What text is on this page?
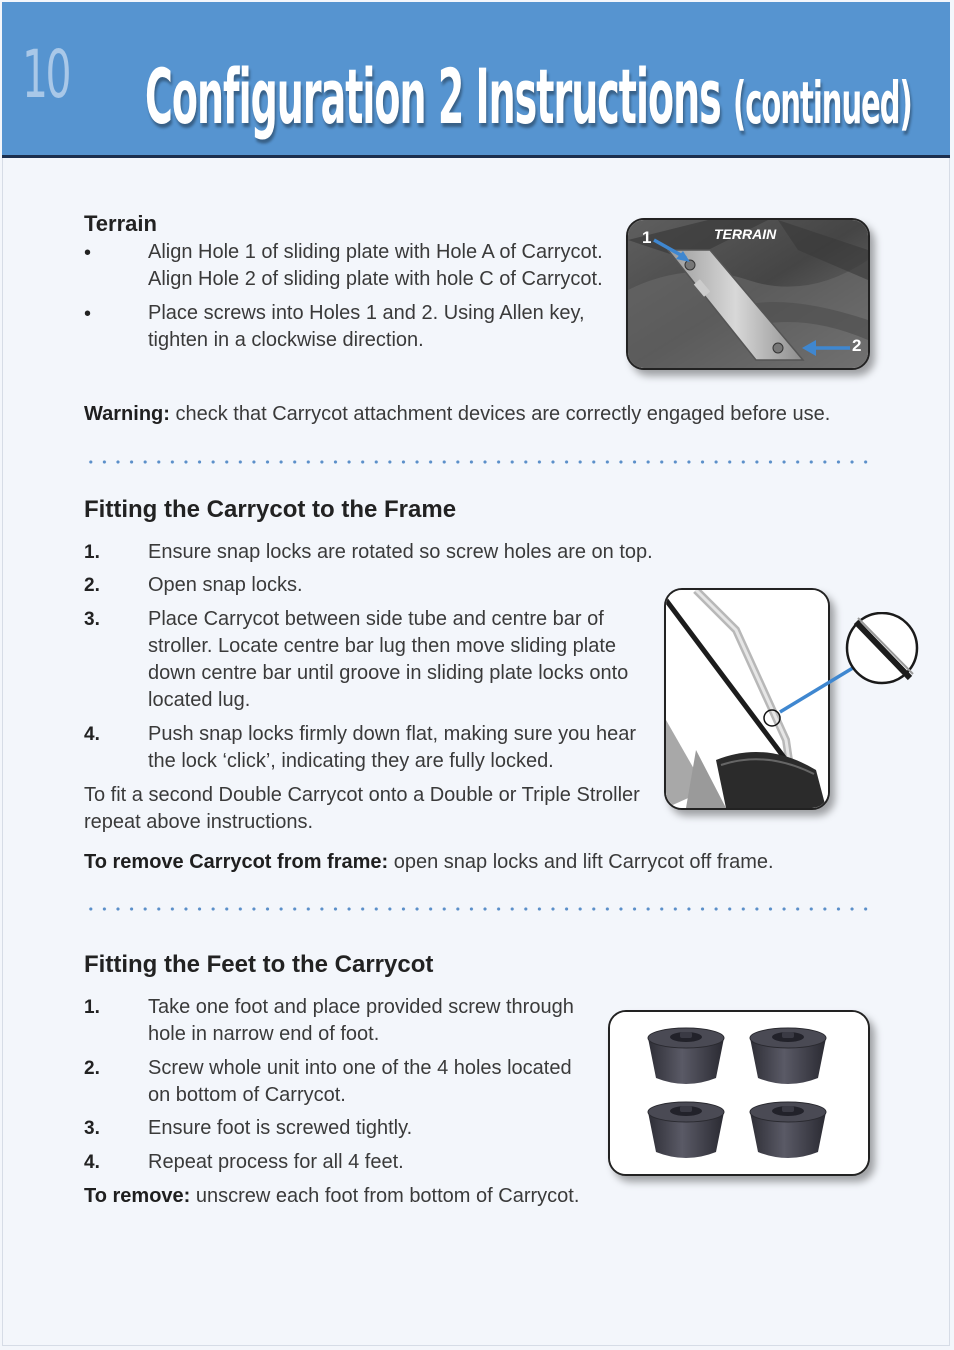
10 Configuration 2 Instructions (continued)
Terrain
•	Align Hole 1 of sliding plate with Hole A of Carrycot.
Align Hole 2 of sliding plate with hole C of Carrycot.
•	Place screws into Holes 1 and 2. Using Allen key,
tighten in a clockwise direction.
TERRAIN
1
2
Warning: check that Carrycot attachment devices are correctly engaged before use.
Fitting the Carrycot to the Frame
1. Ensure snap locks are rotated so screw holes are on top.
2. Open snap locks.
3. Place Carrycot between side tube and centre bar of
stroller. Locate centre bar lug then move sliding plate
down centre bar until groove in sliding plate locks onto
located lug.
4. Push snap locks firmly down flat, making sure you hear
the lock ‘click’, indicating they are fully locked.
To fit a second Double Carrycot onto a Double or Triple Stroller
repeat above instructions.
To remove Carrycot from frame: open snap locks and lift Carrycot off frame.
Fitting the Feet to the Carrycot
1. Take one foot and place provided screw through
hole in narrow end of foot.
2. Screw whole unit into one of the 4 holes located
on bottom of Carrycot.
3. Ensure foot is screwed tightly.
4. Repeat process for all 4 feet.
To remove: unscrew each foot from bottom of Carrycot.
